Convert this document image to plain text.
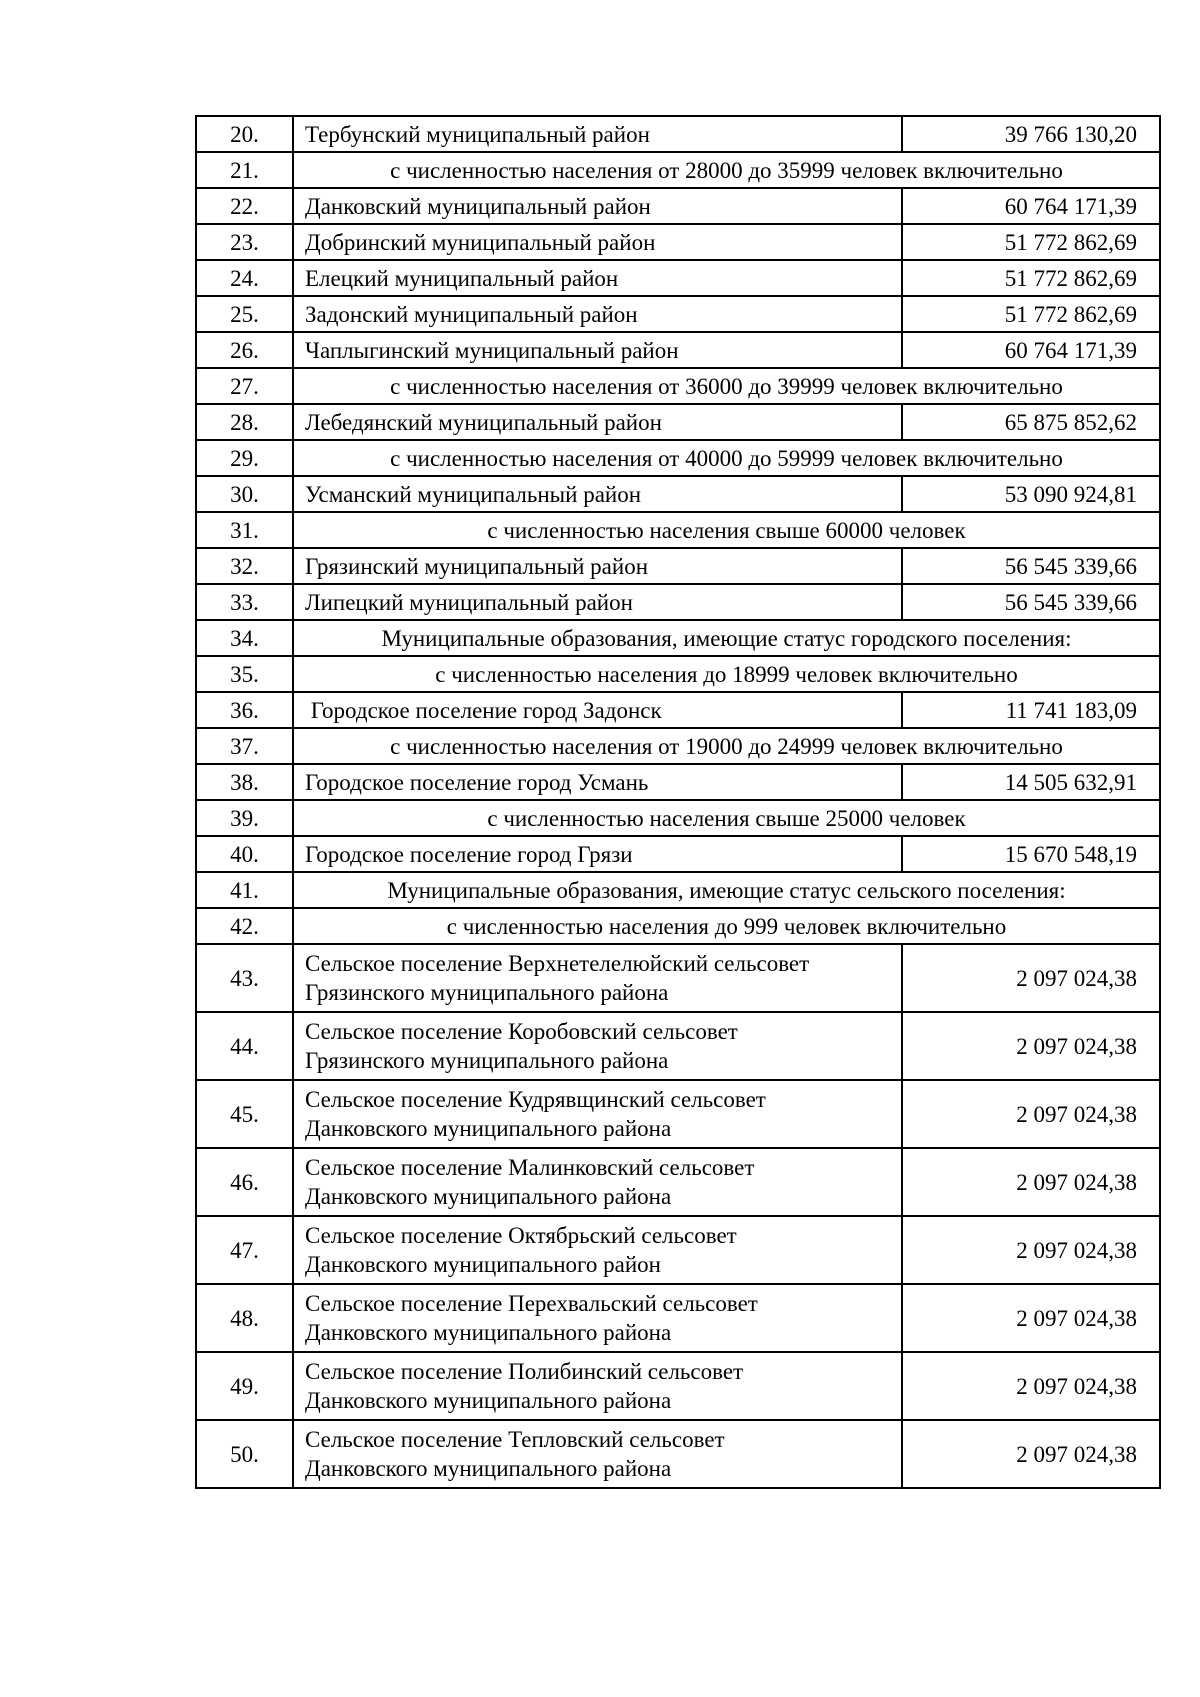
20.	Тербунский муниципальный район	39 766 130,20
21.	с численностью населения от 28000 до 35999 человек включительно	
22.	Данковский муниципальный район	60 764 171,39
23.	Добринский муниципальный район	51 772 862,69
24.	Елецкий муниципальный район	51 772 862,69
25.	Задонский муниципальный район	51 772 862,69
26.	Чаплыгинский муниципальный район	60 764 171,39
27.	с численностью населения от 36000 до 39999 человек включительно	
28.	Лебедянский муниципальный район	65 875 852,62
29.	с численностью населения от 40000 до 59999 человек включительно	
30.	Усманский муниципальный район	53 090 924,81
31.	с численностью населения свыше 60000 человек	
32.	Грязинский муниципальный район	56 545 339,66
33.	Липецкий муниципальный район	56 545 339,66
34.	Муниципальные образования, имеющие статус городского поселения:	
35.	с численностью населения до 18999 человек включительно	
36.	Городское поселение город Задонск	11 741 183,09
37.	с численностью населения от 19000 до 24999 человек включительно	
38.	Городское поселение город Усмань	14 505 632,91
39.	с численностью населения свыше 25000 человек	
40.	Городское поселение город Грязи	15 670 548,19
41.	Муниципальные образования, имеющие статус сельского поселения:	
42.	с численностью населения до 999 человек включительно	
43.	Сельское поселение Верхнетелелюйский сельсовет
Грязинского муниципального района	2 097 024,38
44.	Сельское поселение Коробовский сельсовет
Грязинского муниципального района	2 097 024,38
45.	Сельское поселение Кудрявщинский сельсовет
Данковского муниципального района	2 097 024,38
46.	Сельское поселение Малинковский сельсовет
Данковского муниципального района	2 097 024,38
47.	Сельское поселение Октябрьский сельсовет
Данковского муниципального район	2 097 024,38
48.	Сельское поселение Перехвальский сельсовет
Данковского муниципального района	2 097 024,38
49.	Сельское поселение Полибинский сельсовет
Данковского муниципального района	2 097 024,38
50.	Сельское поселение Тепловский сельсовет
Данковского муниципального района	2 097 024,38
